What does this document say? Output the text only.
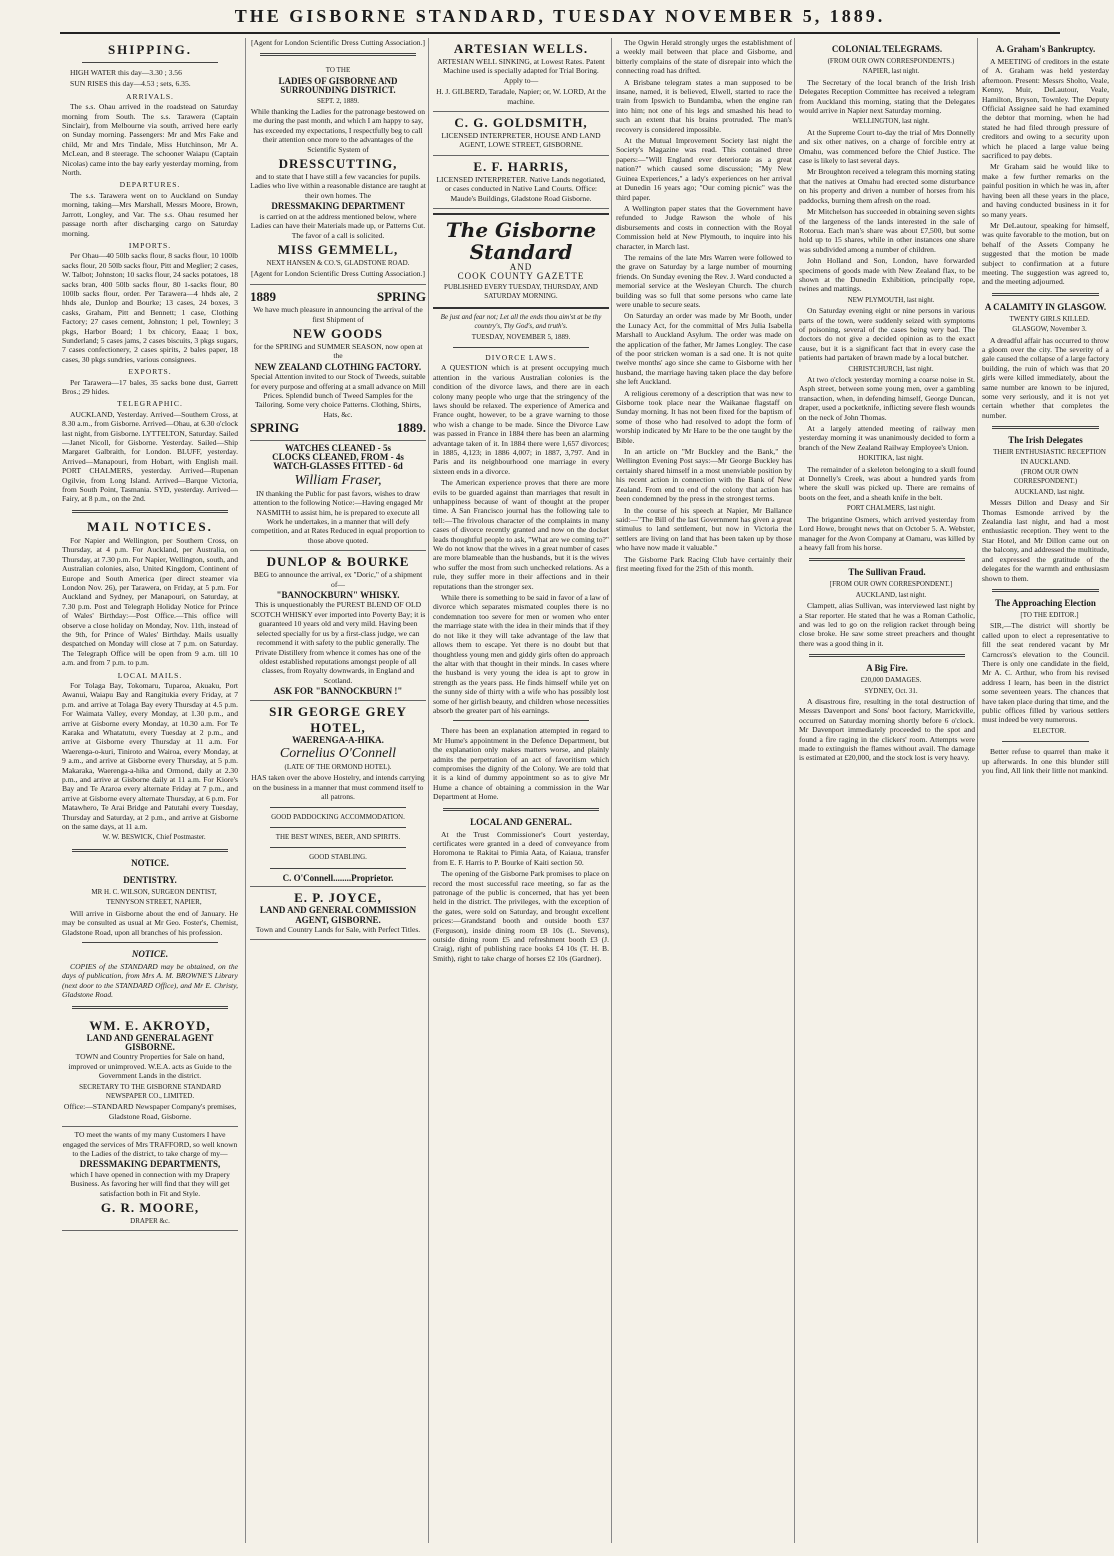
THE GISBORNE STANDARD, TUESDAY NOVEMBER 5, 1889.
SHIPPING.

HIGH WATER this day—3.30 ; 3.56

SUN RISES this day—4.53 ; sets, 6.35.

ARRIVALS.

The s.s. Ohau arrived in the roadstead on Saturday morning from South. The s.s. Tarawera (Captain Sinclair), from Melbourne via south, arrived here early on Sunday morning. Passengers: Mr and Mrs Fake and child, Mr and Mrs Tindale, Miss Hutchinson, Mr A. McLean, and 8 steerage. The schooner Waiapu (Captain Nicolas) came into the bay early yesterday morning, from North.

DEPARTURES.

The s.s. Tarawera went on to Auckland on Sunday morning, taking—Mrs Marshall, Messrs Moore, Brown, Jarrott, Longley, and Var. The s.s. Ohau resumed her passage north after discharging cargo on Saturday morning.

IMPORTS.

Per Ohau—40 50lb sacks flour, 8 sacks flour, 10 100lb sacks flour, 20 50lb sacks flour, Pitt and Meglier; 2 cases, W. Talbot; Johnston; 10 sacks flour, 24 sacks potatoes, 18 sacks bran, 400 50lb sacks flour, 80 1-sacks flour, 80 100lb sacks flour, order. Per Tarawera—4 hhds ale, 2 hhds ale, Dunlop and Bourke; 13 cases, 24 boxes, 3 casks, Graham, Pitt and Bennett; 1 case, Clothing Factory; 27 cases cement, Johnston; 1 pel, Townley; 3 pkgs, Harbor Board; 1 bx chicory, Eaaa; 1 box, Sunderland; 5 cases jams, 2 cases biscuits, 3 pkgs sugars, 7 cases confectionery, 2 cases spirits, 2 bales paper, 18 cases, 30 pkgs sundries, various consignees.

EXPORTS.

Per Tarawera—17 bales, 35 sacks bone dust, Garrett Bros.; 29 hides.

TELEGRAPHIC.

AUCKLAND, Yesterday. Arrived—Southern Cross, at 8.30 a.m., from Gisborne. Arrived—Ohau, at 6.30 o'clock last night, from Gisborne. LYTTELTON, Saturday. Sailed—Janet Nicoll, for Gisborne. Yesterday. Sailed—Ship Margaret Galbraith, for London. BLUFF, yesterday. Arrived—Manapouri, from Hobart, with English mail. PORT CHALMERS, yesterday. Arrived—Rupenan Ogilvie, from Long Island. Arrived—Barque Victoria, from South Point, Tasmania. SYD, yesterday. Arrived—Fairy, at 8 p.m., on the 2nd.

MAIL NOTICES.

For Napier and Wellington, per Southern Cross, on Thursday, at 4 p.m. For Auckland, per Australia, on Thursday, at 7.30 p.m. For Napier, Wellington, south, and Australian colonies, also, United Kingdom, Continent of Europe and South America (per direct steamer via London Nov. 26), per Tarawera, on Friday, at 5 p.m. For Auckland and Sydney, per Manapouri, on Saturday, at 7.30 p.m. Post and Telegraph Holiday Notice for Prince of Wales' Birthday:—Post Office.—This office will observe a close holiday on Monday, Nov. 11th, instead of the 9th, for Prince of Wales' Birthday. Mails usually despatched on Monday will close at 7 p.m. on Saturday. The Telegraph Office will be open from 9 a.m. till 10 a.m. and from 7 p.m. to p.m.

LOCAL MAILS.

For Tolaga Bay, Tokomaru, Tuparoa, Akuaku, Port Awanui, Waiapu Bay and Rangitukia every Friday, at 7 p.m. and arrive at Tolaga Bay every Thursday at 4.5 p.m. For Waimata Valley, every Monday, at 1.30 p.m., and arrive at Gisborne every Monday, at 10.30 a.m. For Te Karaka and Whatatutu, every Tuesday at 2 p.m., and arrive at Gisborne every Thursday at 11 a.m. For Waerenga-o-kuri, Tiniroto and Wairoa, every Monday, at 9 a.m., and arrive at Gisborne every Thursday, at 5 p.m. Makaraka, Waerenga-a-hika and Ormond, daily at 2.30 p.m., and arrive at Gisborne daily at 11 a.m. For Kiore's Bay and Te Araroa every alternate Friday at 7 p.m., and arrive at Gisborne every alternate Thursday, at 6 p.m. For Matawhero, Te Arai Bridge and Patutahi every Tuesday, Thursday and Saturday, at 2 p.m., and arrive at Gisborne on the same days, at 11 a.m.

W. W. BESWICK, Chief Postmaster.

NOTICE.
DENTISTRY.

MR H. C. WILSON, SURGEON DENTIST,

TENNYSON STREET, NAPIER,

Will arrive in Gisborne about the end of January. He may be consulted as usual at Mr Geo. Foster's, Chemist, Gladstone Road, upon all branches of his profession.

NOTICE.

COPIES of the STANDARD may be obtained, on the days of publication, from Mrs A. M. BROWNE'S Library (next door to the STANDARD Office), and Mr E. Christy, Gladstone Road.

WM. E. AKROYD,
LAND AND GENERAL AGENT GISBORNE.

TOWN and Country Properties for Sale on hand, improved or unimproved. W.E.A. acts as Guide to the Government Lands in the district.

SECRETARY TO THE GISBORNE STANDARD NEWSPAPER CO., LIMITED.

Office:—STANDARD Newspaper Company's premises, Gladstone Road, Gisborne.

TO meet the wants of my many Customers I have engaged the services of Mrs TRAFFORD, so well known to the Ladies of the district, to take charge of my—

DRESSMAKING DEPARTMENTS,

which I have opened in connection with my Drapery Business. As favoring her will find that they will get satisfaction both in Fit and Style.

G. R. MOORE,
DRAPER &c.

[Agent for London Scientific Dress Cutting Association.]

TO THE
LADIES OF GISBORNE AND SURROUNDING DISTRICT.
SEPT. 2, 1889.

While thanking the Ladies for the patronage bestowed on me during the past month, and which I am happy to say, has exceeded my expectations, I respectfully beg to call their attention once more to the advantages of the Scientific System of

DRESSCUTTING,

and to state that I have still a few vacancies for pupils. Ladies who live within a reasonable distance are taught at their own homes. The

DRESSMAKING DEPARTMENT

is carried on at the address mentioned below, where Ladies can have their Materials made up, or Patterns Cut. The favor of a call is solicited.

MISS GEMMELL,
NEXT HANSEN & CO.'S, GLADSTONE ROAD.

[Agent for London Scientific Dress Cutting Association.]

1889	SPRING

We have much pleasure in announcing the arrival of the first Shipment of

NEW GOODS

for the SPRING and SUMMER SEASON, now open at the

NEW ZEALAND CLOTHING FACTORY.

Special Attention invited to our Stock of Tweeds, suitable for every purpose and offering at a small advance on Mill Prices. Splendid bunch of Tweed Samples for the Tailoring. Some very choice Patterns. Clothing, Shirts, Hats, &c.

SPRING	1889.
WATCHES CLEANED - 5s
CLOCKS CLEANED, FROM - 4s
WATCH-GLASSES FITTED - 6d
William Fraser,

IN thanking the Public for past favors, wishes to draw attention to the following Notice:—Having engaged Mr NASMITH to assist him, he is prepared to execute all Work he undertakes, in a manner that will defy competition, and at Rates Reduced in equal proportion to those above quoted.

DUNLOP & BOURKE

BEG to announce the arrival, ex "Doric," of a shipment of—

"BANNOCKBURN" WHISKY.

This is unquestionably the PUREST BLEND OF OLD SCOTCH WHISKY ever imported into Poverty Bay; it is guaranteed 10 years old and very mild. Having been selected specially for us by a first-class judge, we can recommend it with safety to the public generally. The Private Distillery from whence it comes has one of the oldest established reputations amongst people of all classes, from Royalty downwards, in England and Scotland.

ASK FOR "BANNOCKBURN !"
SIR GEORGE GREY HOTEL,
WAERENGA-A-HIKA.
Cornelius O'Connell
(LATE OF THE ORMOND HOTEL).

HAS taken over the above Hostelry, and intends carrying on the business in a manner that must commend itself to all patrons.

GOOD PADDOCKING ACCOMMODATION.
THE BEST WINES, BEER, AND SPIRITS.
GOOD STABLING.
C. O'Connell........Proprietor.
E. P. JOYCE,
LAND AND GENERAL COMMISSION AGENT, GISBORNE.

Town and Country Lands for Sale, with Perfect Titles.

ARTESIAN WELLS.

ARTESIAN WELL SINKING, at Lowest Rates. Patent Machine used is specially adapted for Trial Boring. Apply to—

H. J. GILBERD, Taradale, Napier; or, W. LORD, At the machine.

C. G. GOLDSMITH,

LICENSED INTERPRETER, HOUSE AND LAND AGENT, LOWE STREET, GISBORNE.

E. F. HARRIS,

LICENSED INTERPRETER. Native Lands negotiated, or cases conducted in Native Land Courts. Office: Maude's Buildings, Gladstone Road Gisborne.

The Gisborne Standard
AND
COOK COUNTY GAZETTE
PUBLISHED EVERY TUESDAY, THURSDAY, AND SATURDAY MORNING.
Be just and fear not; Let all the ends thou aim'st at be thy country's, Thy God's, and truth's.
TUESDAY, NOVEMBER 5, 1889.
DIVORCE LAWS.

A QUESTION which is at present occupying much attention in the various Australian colonies is the condition of the divorce laws, and there are in each colony many people who urge that the stringency of the laws should be relaxed. The experience of America and France ought, however, to be a grave warning to those who wish a change to be made. Since the Divorce Law was passed in France in 1884 there has been an alarming advantage taken of it. In 1884 there were 1,657 divorces; in 1885, 4,123; in 1886 4,007; in 1887, 3,797. And in Paris and its neighbourhood one marriage in every sixteen ends in a divorce.

The American experience proves that there are more evils to be guarded against than marriages that result in unhappiness because of want of thought at the proper time. A San Francisco journal has the following tale to tell:—The frivolous character of the complaints in many cases of divorce recently granted and now on the docket leads thoughtful people to ask, "What are we coming to?" We do not know that the wives in a great number of cases are more blameable than the husbands, but it is the wives who suffer the most from such unchecked relations. As a rule, they suffer more in their affections and in their reputations than the stronger sex.

While there is something to be said in favor of a law of divorce which separates mismated couples there is no condemnation too severe for men or women who enter the marriage state with the idea in their minds that if they do not like it they will take advantage of the law that allows them to escape. Yet there is no doubt but that thoughtless young men and giddy girls often do approach the altar with that thought in their minds. In cases where the husband is very young the idea is apt to grow in strength as the years pass. He finds himself while yet on the sunny side of thirty with a wife who has possibly lost some of her girlish beauty, and children whose necessities absorb the greater part of his earnings.

There has been an explanation attempted in regard to Mr Hume's appointment in the Defence Department, but the explanation only makes matters worse, and plainly admits the perpetration of an act of favoritism which compromises the dignity of the Colony. We are told that it is a kind of dummy appointment so as to give Mr Hume a chance of obtaining a commission in the War Department at Home.

LOCAL AND GENERAL.

At the Trust Commissioner's Court yesterday, certificates were granted in a deed of conveyance from Horomona te Rakitai to Pimia Aata, of Kaiaua, transfer from E. F. Harris to P. Bourke of Kaiti section 50.

The opening of the Gisborne Park promises to place on record the most successful race meeting, so far as the patronage of the public is concerned, that has yet been held in the district. The privileges, with the exception of the gates, were sold on Saturday, and brought excellent prices:—Grandstand booth and outside booth £37 (Ferguson), inside dining room £8 10s (L. Stevens), outside dining room £5 and refreshment booth £3 (J. Craig), right of publishing race books £4 10s (T. H. B. Smith), right to take charge of horses £2 10s (Gardner).

The Ogwin Herald strongly urges the establishment of a weekly mail between that place and Gisborne, and bitterly complains of the state of disrepair into which the connecting road has drifted.

A Brisbane telegram states a man supposed to be insane, named, it is believed, Elwell, started to race the train from Ipswich to Bundamba, when the engine ran into him; not one of his legs and smashed his head to such an extent that his brains protruded. The man's recovery is considered impossible.

At the Mutual Improvement Society last night the Society's Magazine was read. This contained three papers:—"Will England ever deteriorate as a great nation?" which caused some discussion; "My New Guinea Experiences," a lady's experiences on her arrival at Dunedin 16 years ago; "Our coming picnic" was the third paper.

A Wellington paper states that the Government have refunded to Judge Rawson the whole of his disbursements and costs in connection with the Royal Commission held at New Plymouth, to inquire into his character, in March last.

The remains of the late Mrs Warren were followed to the grave on Saturday by a large number of mourning friends. On Sunday evening the Rev. J. Ward conducted a memorial service at the Wesleyan Church. The church building was so full that some persons who came late were unable to secure seats.

On Saturday an order was made by Mr Booth, under the Lunacy Act, for the committal of Mrs Julia Isabella Marshall to Auckland Asylum. The order was made on the application of the father, Mr James Longley. The case of the poor stricken woman is a sad one. It is not quite twelve months' ago since she came to Gisborne with her husband, the marriage having taken place the day before she left Auckland.

A religious ceremony of a description that was new to Gisborne took place near the Waikanae flagstaff on Sunday morning. It has not been fixed for the baptism of some of those who had resolved to adopt the form of worship indicated by Mr Hare to be the one taught by the Bible.

In an article on "Mr Buckley and the Bank," the Wellington Evening Post says:—Mr George Buckley has certainly shared himself in a most unenviable position by his recent action in connection with the Bank of New Zealand. From end to end of the colony that action has been condemned by the press in the strongest terms.

In the course of his speech at Napier, Mr Ballance said:—"The Bill of the last Government has given a great stimulus to land settlement, but now in Victoria the settlers are living on land that has been taken up by those who have now made it valuable."

The Gisborne Park Racing Club have certainly their first meeting fixed for the 25th of this month.

COLONIAL TELEGRAMS.

(FROM OUR OWN CORRESPONDENTS.)

NAPIER, last night.

The Secretary of the local branch of the Irish Irish Delegates Reception Committee has received a telegram from Auckland this morning, stating that the Delegates would arrive in Napier next Saturday morning.

WELLINGTON, last night.

At the Supreme Court to-day the trial of Mrs Donnelly and six other natives, on a charge of forcible entry at Omahu, was commenced before the Chief Justice. The case is likely to last several days.

Mr Broughton received a telegram this morning stating that the natives at Omahu had erected some disturbance on his property and driven a number of horses from his paddocks, burning them afresh on the road.

Mr Mitchelson has succeeded in obtaining seven sights of the largeness of the lands interested in the sale of Rotorua. Each man's share was about £7,500, but some hold up to 15 shares, while in other instances one share was subdivided among a number of children.

John Holland and Son, London, have forwarded specimens of goods made with New Zealand flax, to be shown at the Dunedin Exhibition, principally rope, twines and mattings.

NEW PLYMOUTH, last night.

On Saturday evening eight or nine persons in various parts of the town, were suddenly seized with symptoms of poisoning, several of the cases being very bad. The doctors do not give a decided opinion as to the exact cause, but it is a significant fact that in every case the patients had partaken of brawn made by a local butcher.

CHRISTCHURCH, last night.

At two o'clock yesterday morning a coarse noise in St. Asph street, between some young men, over a gambling transaction, when, in defending himself, George Duncan, draper, used a pocketknife, inflicting severe flesh wounds on the neck of John Thomas.

At a largely attended meeting of railway men yesterday morning it was unanimously decided to form a branch of the New Zealand Railway Employee's Union.

HOKITIKA, last night.

The remainder of a skeleton belonging to a skull found at Donnelly's Creek, was about a hundred yards from where the skull was picked up. There are remains of boots on the feet, and a sheath knife in the belt.

PORT CHALMERS, last night.

The brigantine Osmers, which arrived yesterday from Lord Howe, brought news that on October 5. A. Webster, manager for the Avon Company at Oamaru, was killed by a heavy fall from his horse.

The Sullivan Fraud.

[FROM OUR OWN CORRESPONDENT.]

AUCKLAND, last night.

Clampett, alias Sullivan, was interviewed last night by a Star reporter. He stated that he was a Roman Catholic, and was led to go on the religion racket through being close broke. He saw some street preachers and thought there was a good thing in it.

A Big Fire.

£20,000 DAMAGES.

SYDNEY, Oct. 31.

A disastrous fire, resulting in the total destruction of Messrs Davenport and Sons' boot factory, Marrickville, occurred on Saturday morning shortly before 6 o'clock. Mr Davenport immediately proceeded to the spot and found a fire raging in the clickers' room. Attempts were made to extinguish the flames without avail. The damage is estimated at £20,000, and the stock lost is very heavy.

A. Graham's Bankruptcy.

A MEETING of creditors in the estate of A. Graham was held yesterday afternoon. Present: Messrs Sholto, Veale, Kenny, Muir, DeLautour, Veale, Hamilton, Bryson, Townley. The Deputy Official Assignee said he had examined the debtor that morning, when he had stated he had filed through pressure of creditors and owing to a security upon which he placed a large value being sacrificed to pay debts.

Mr Graham said he would like to make a few further remarks on the painful position in which he was in, after having been all these years in the place, and having conducted business in it for so many years.

Mr DeLautour, speaking for himself, was quite favorable to the motion, but on behalf of the Assets Company he suggested that the motion be made subject to confirmation at a future meeting. The suggestion was agreed to, and the meeting adjourned.

A CALAMITY IN GLASGOW.

TWENTY GIRLS KILLED.

GLASGOW, November 3.

A dreadful affair has occurred to throw a gloom over the city. The severity of a gale caused the collapse of a large factory building, the ruin of which was that 20 girls were killed immediately, about the same number are known to be injured, some very seriously, and it is not yet certain whether that completes the number.

The Irish Delegates

THEIR ENTHUSIASTIC RECEPTION IN AUCKLAND.

(FROM OUR OWN CORRESPONDENT.)

AUCKLAND, last night.

Messrs Dillon and Deasy and Sir Thomas Esmonde arrived by the Zealandia last night, and had a most enthusiastic reception. They went to the Star Hotel, and Mr Dillon came out on the balcony, and addressed the multitude, and expressed the gratitude of the delegates for the warmth and enthusiasm shown to them.

The Approaching Election

[TO THE EDITOR.]

SIR,—The district will shortly be called upon to elect a representative to fill the seat rendered vacant by Mr Carncross's elevation to the Council. There is only one candidate in the field, Mr A. C. Arthur, who from his revised address I learn, has been in the district some seventeen years. The chances that have taken place during that time, and the public offices filled by various settlers must indeed be very numerous.

ELECTOR.

Better refuse to quarrel than make it up afterwards. In one this blunder still you find, All link their little not mankind.
